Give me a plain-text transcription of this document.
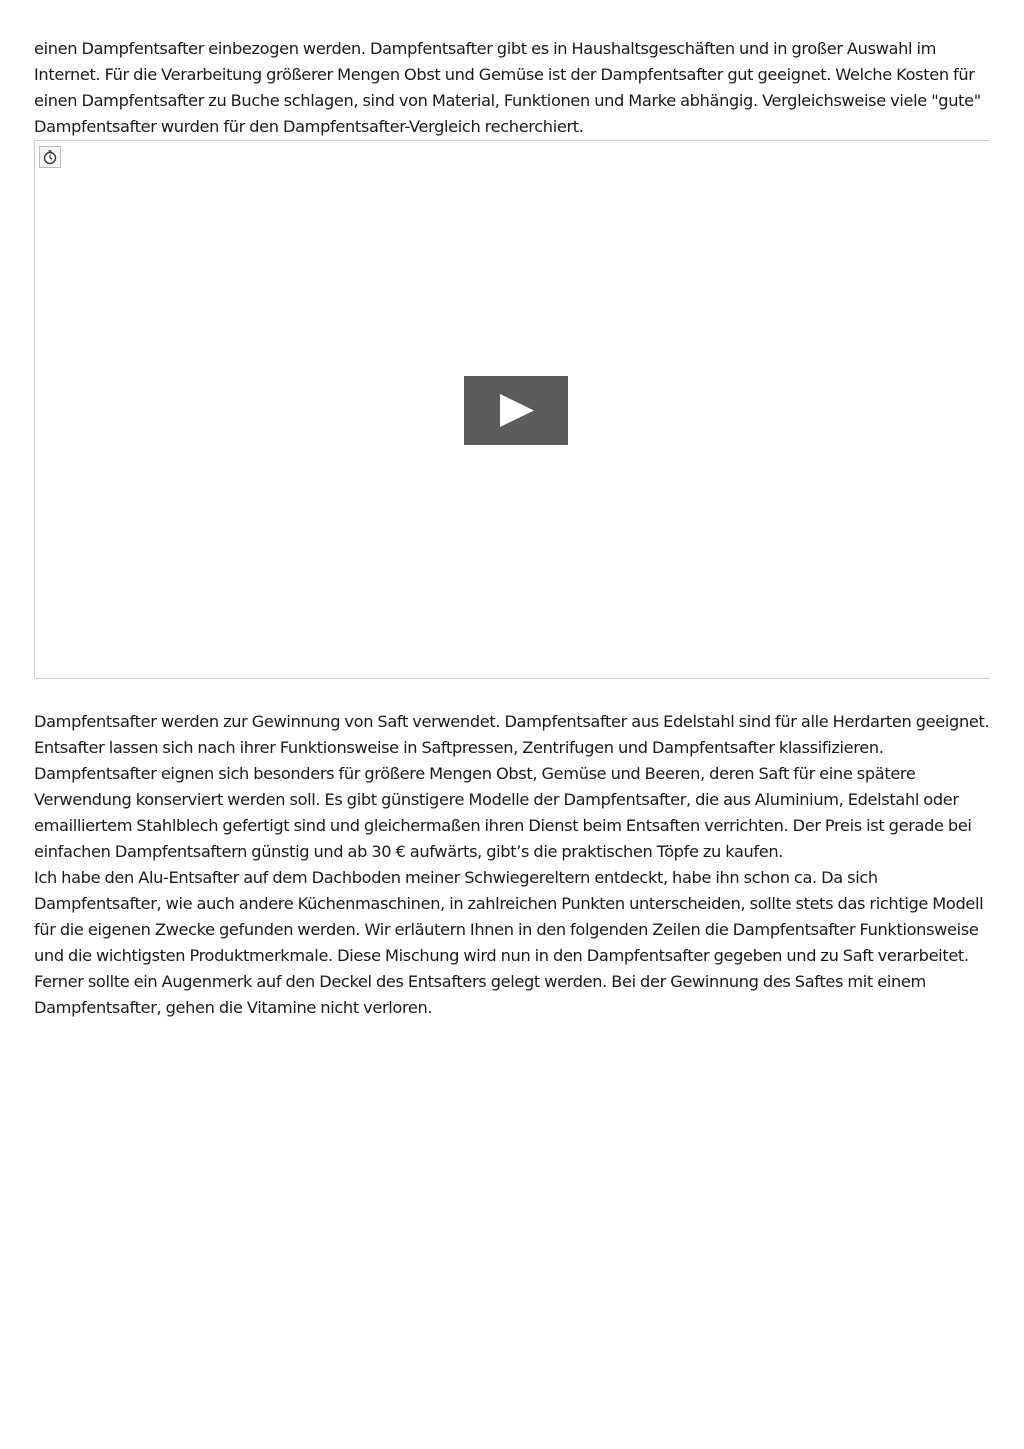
einen Dampfentsafter einbezogen werden. Dampfentsafter gibt es in Haushaltsgeschäften und in großer Auswahl im Internet. Für die Verarbeitung größerer Mengen Obst und Gemüse ist der Dampfentsafter gut geeignet. Welche Kosten für einen Dampfentsafter zu Buche schlagen, sind von Material, Funktionen und Marke abhängig. Vergleichsweise viele "gute" Dampfentsafter wurden für den Dampfentsafter-Vergleich recherchiert.

Dampfentsafter werden zur Gewinnung von Saft verwendet. Dampfentsafter aus Edelstahl sind für alle Herdarten geeignet. Entsafter lassen sich nach ihrer Funktionsweise in Saftpressen, Zentrifugen und Dampfentsafter klassifizieren. Dampfentsafter eignen sich besonders für größere Mengen Obst, Gemüse und Beeren, deren Saft für eine spätere Verwendung konserviert werden soll. Es gibt günstigere Modelle der Dampfentsafter, die aus Aluminium, Edelstahl oder emailliertem Stahlblech gefertigt sind und gleichermaßen ihren Dienst beim Entsaften verrichten. Der Preis ist gerade bei einfachen Dampfentsaftern günstig und ab 30 € aufwärts, gibt’s die praktischen Töpfe zu kaufen.

Ich habe den Alu-Entsafter auf dem Dachboden meiner Schwiegereltern entdeckt, habe ihn schon ca. Da sich Dampfentsafter, wie auch andere Küchenmaschinen, in zahlreichen Punkten unterscheiden, sollte stets das richtige Modell für die eigenen Zwecke gefunden werden. Wir erläutern Ihnen in den folgenden Zeilen die Dampfentsafter Funktionsweise und die wichtigsten Produktmerkmale. Diese Mischung wird nun in den Dampfentsafter gegeben und zu Saft verarbeitet. Ferner sollte ein Augenmerk auf den Deckel des Entsafters gelegt werden. Bei der Gewinnung des Saftes mit einem Dampfentsafter, gehen die Vitamine nicht verloren.
